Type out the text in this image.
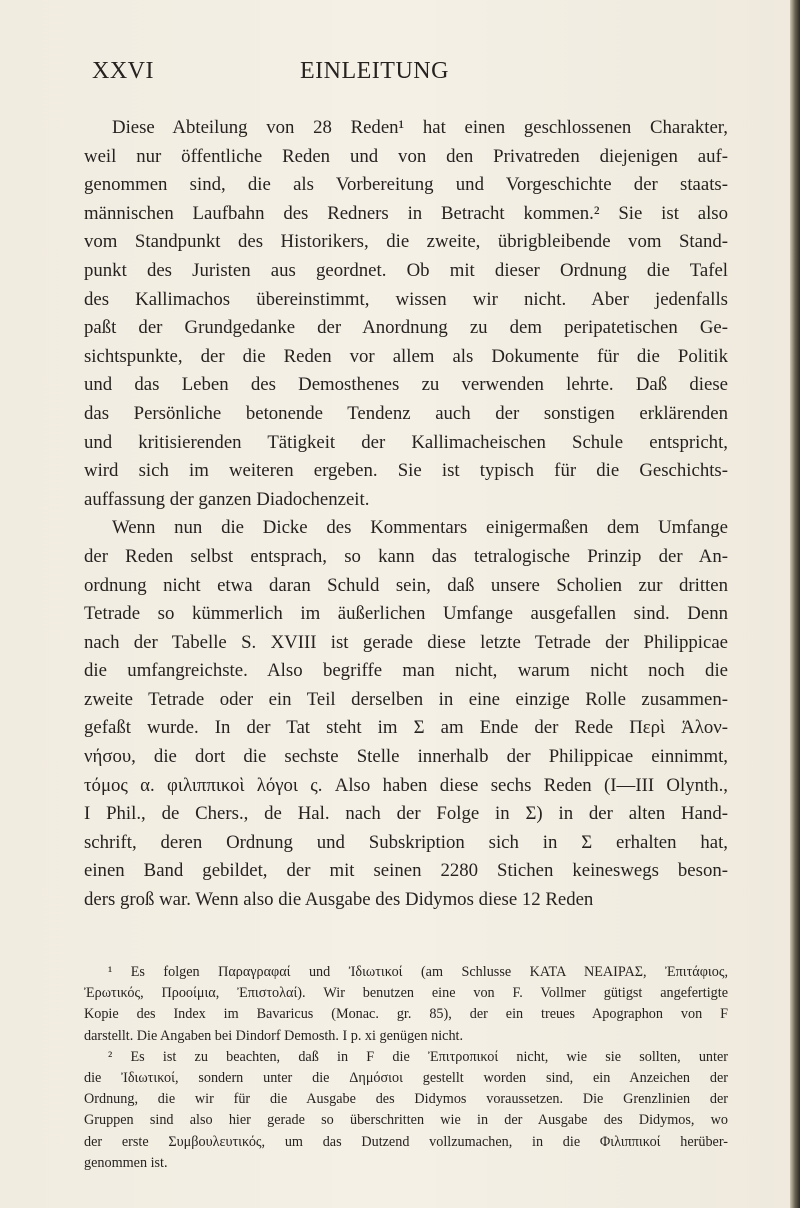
XXVI	EINLEITUNG
Diese Abteilung von 28 Reden¹ hat einen geschlossenen Charakter,
weil nur öffentliche Reden und von den Privatreden diejenigen auf-
genommen sind, die als Vorbereitung und Vorgeschichte der staats-
männischen Laufbahn des Redners in Betracht kommen.² Sie ist also
vom Standpunkt des Historikers, die zweite, übrigbleibende vom Stand-
punkt des Juristen aus geordnet. Ob mit dieser Ordnung die Tafel
des Kallimachos übereinstimmt, wissen wir nicht. Aber jedenfalls
paßt der Grundgedanke der Anordnung zu dem peripatetischen Ge-
sichtspunkte, der die Reden vor allem als Dokumente für die Politik
und das Leben des Demosthenes zu verwenden lehrte. Daß diese
das Persönliche betonende Tendenz auch der sonstigen erklärenden
und kritisierenden Tätigkeit der Kallimacheischen Schule entspricht,
wird sich im weiteren ergeben. Sie ist typisch für die Geschichts-
auffassung der ganzen Diadochenzeit.
Wenn nun die Dicke des Kommentars einigermaßen dem Umfange
der Reden selbst entsprach, so kann das tetralogische Prinzip der An-
ordnung nicht etwa daran Schuld sein, daß unsere Scholien zur dritten
Tetrade so kümmerlich im äußerlichen Umfange ausgefallen sind. Denn
nach der Tabelle S. XVIII ist gerade diese letzte Tetrade der Philippicae
die umfangreichste. Also begriffe man nicht, warum nicht noch die
zweite Tetrade oder ein Teil derselben in eine einzige Rolle zusammen-
gefaßt wurde. In der Tat steht im Σ am Ende der Rede Περὶ Ἁλον-
νήσου, die dort die sechste Stelle innerhalb der Philippicae einnimmt,
τόμος α. φιλιππικοὶ λόγοι ς. Also haben diese sechs Reden (I—III Olynth.,
I Phil., de Chers., de Hal. nach der Folge in Σ) in der alten Hand-
schrift, deren Ordnung und Subskription sich in Σ erhalten hat,
einen Band gebildet, der mit seinen 2280 Stichen keineswegs beson-
ders groß war. Wenn also die Ausgabe des Didymos diese 12 Reden
¹ Es folgen Παραγραφαί und Ἰδιωτικοί (am Schlusse ΚΑΤΑ ΝΕΑΙΡΑΣ, Ἐπιτάφιος,
Ἐρωτικός, Προοίμια, Ἐπιστολαί). Wir benutzen eine von F. Vollmer gütigst angefertigte
Kopie des Index im Bavaricus (Monac. gr. 85), der ein treues Apographon von F
darstellt. Die Angaben bei Dindorf Demosth. I p. xi genügen nicht.
² Es ist zu beachten, daß in F die Ἐπιτροπικοί nicht, wie sie sollten, unter
die Ἰδιωτικοί, sondern unter die Δημόσιοι gestellt worden sind, ein Anzeichen der
Ordnung, die wir für die Ausgabe des Didymos voraussetzen. Die Grenzlinien der
Gruppen sind also hier gerade so überschritten wie in der Ausgabe des Didymos, wo
der erste Συμβουλευτικός, um das Dutzend vollzumachen, in die Φιλιππικοί herüber-
genommen ist.
